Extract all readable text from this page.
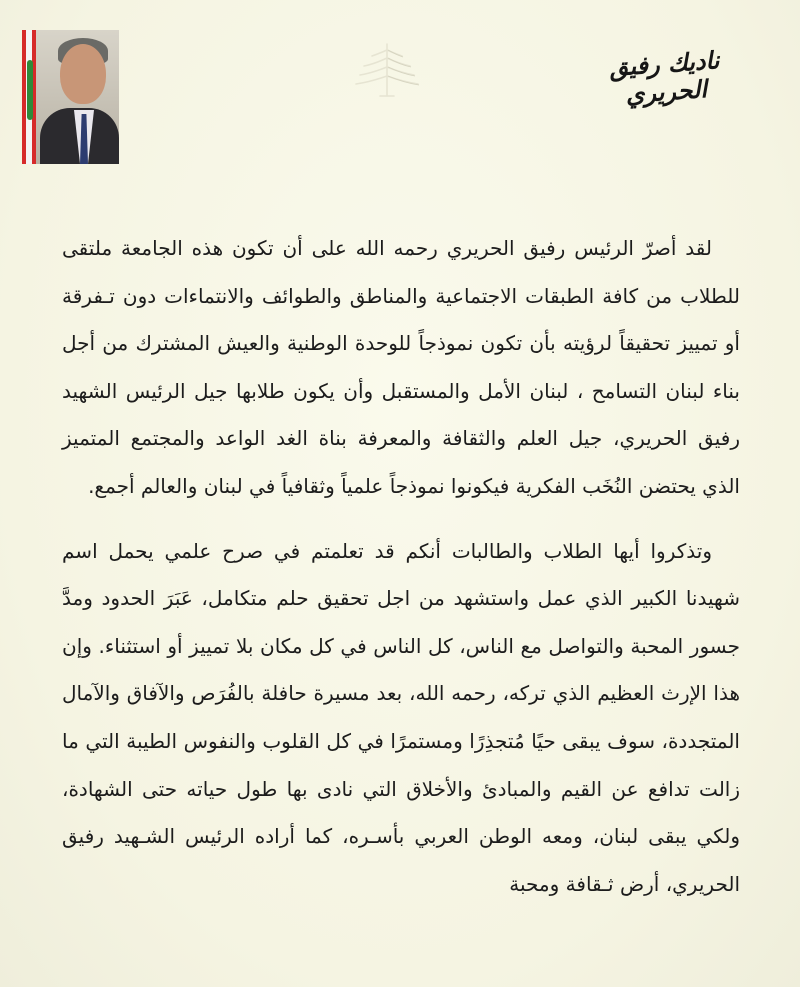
ناديك رفيق الحريري

لقد أصرّ الرئيس رفيق الحريري رحمه الله على أن تكون هذه الجامعة ملتقى للطلاب من كافة الطبقات الاجتماعية والمناطق والطوائف والانتماءات دون تـفرقة أو تمييز تحقيقاً لرؤيته بأن تكون نموذجاً للوحدة الوطنية والعيش المشترك من أجل بناء لبنان التسامح ، لبنان الأمل والمستقبل وأن يكون طلابها جيل الرئيس الشهيد رفيق الحريري، جيل العلم والثقافة والمعرفة بناة الغد الواعد والمجتمع المتميز الذي يحتضن النُخَب الفكرية فيكونوا نموذجاً علمياً وثقافياً في لبنان والعالم أجمع.

وتذكروا أيها الطلاب والطالبات أنكم قد تعلمتم في صرح علمي يحمل اسم شهيدنا الكبير الذي عمل واستشهد من اجل تحقيق حلم متكامل، عَبَرَ الحدود ومدَّ جسور المحبة والتواصل مع الناس، كل الناس في كل مكان بلا تمييز أو استثناء. وإن هذا الإرث العظيم الذي تركه، رحمه الله، بعد مسيرة حافلة بالفُرَص والآفاق والآمال المتجددة، سوف يبقى حيًا مُتجذِرًا ومستمرًا في كل القلوب والنفوس الطيبة التي ما زالت تدافع عن القيم والمبادئ والأخلاق التي نادى بها طول حياته حتى الشهادة، ولكي يبقى لبنان، ومعه الوطن العربي بأسـره، كما أراده الرئيس الشـهيد رفيق الحريري، أرض ثـقافة ومحبة
